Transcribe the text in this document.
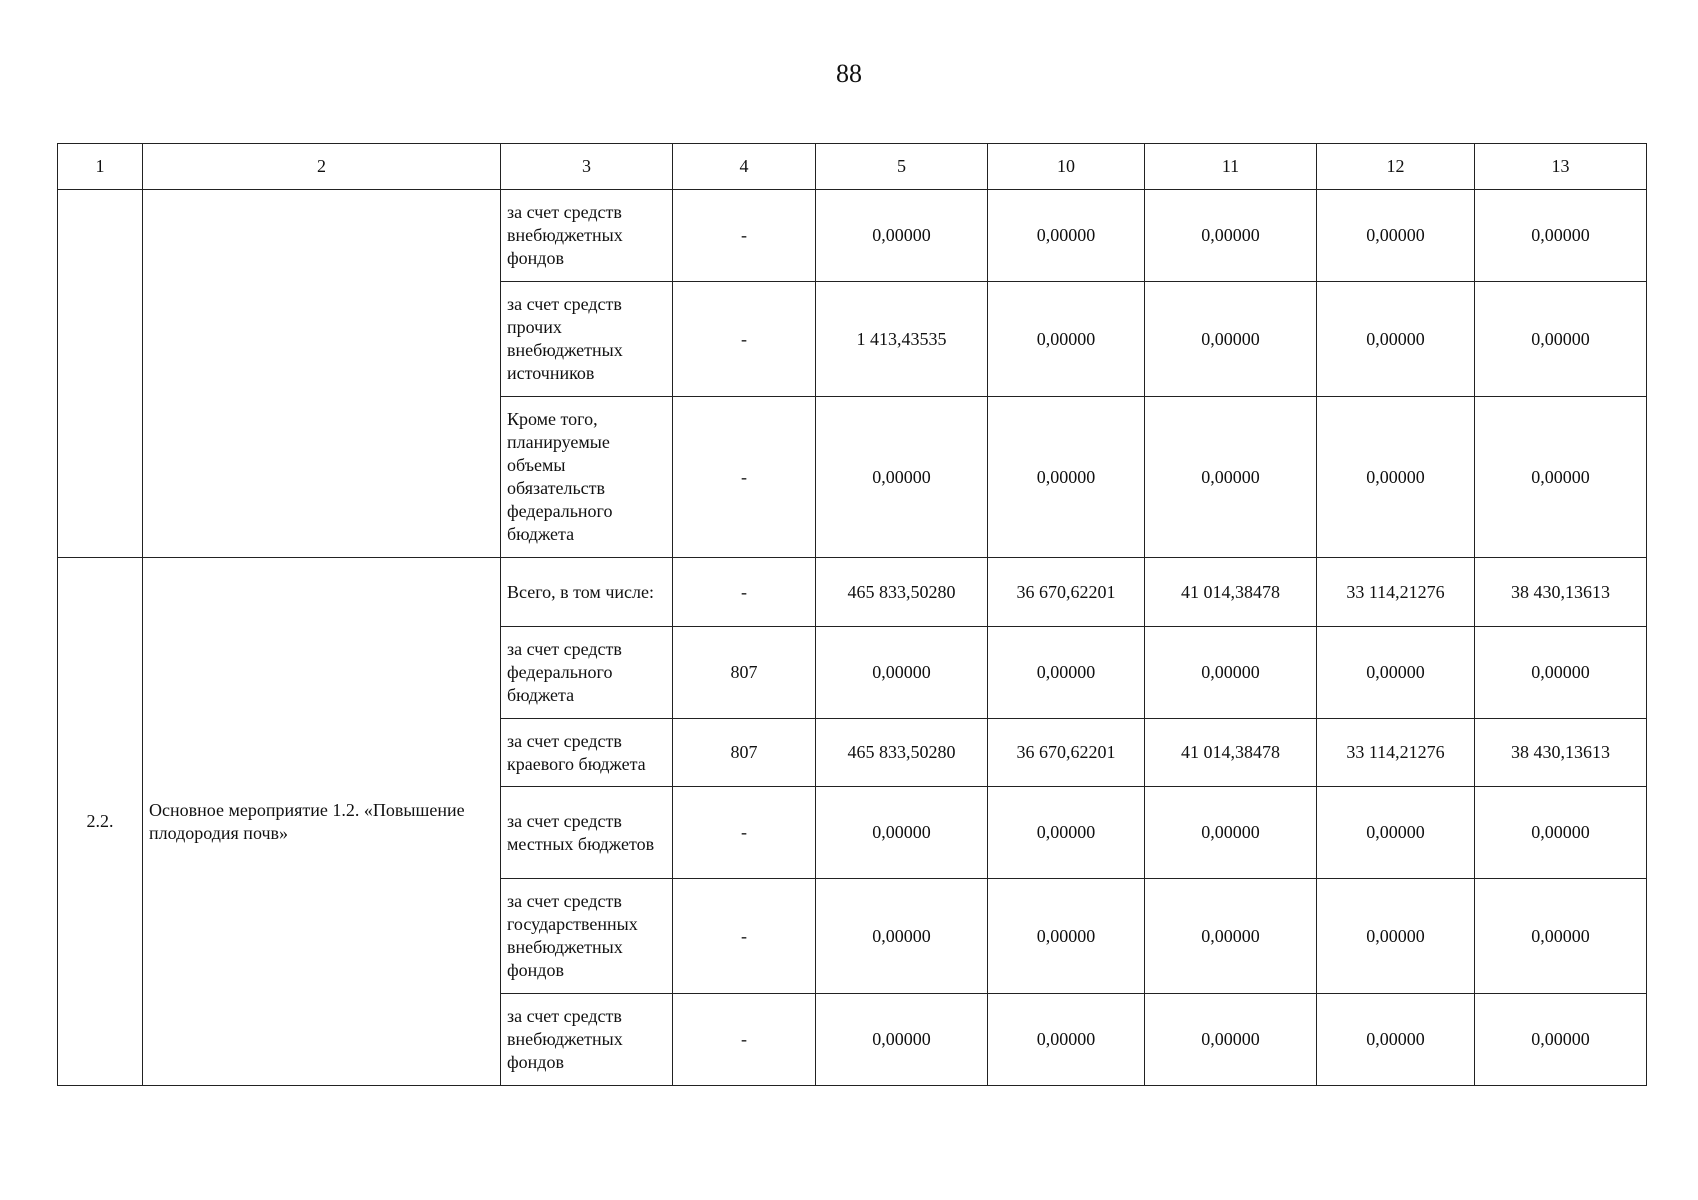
88
1	2	3	4	5	10	11	12	13
		за счет средств внебюджетных фондов	-	0,00000	0,00000	0,00000	0,00000	0,00000
		за счет средств прочих внебюджетных источников	-	1 413,43535	0,00000	0,00000	0,00000	0,00000
		Кроме того, планируемые объемы обязательств федерального бюджета	-	0,00000	0,00000	0,00000	0,00000	0,00000
2.2.	Основное мероприятие 1.2. «Повышение плодородия почв»	Всего, в том числе:	-	465 833,50280	36 670,62201	41 014,38478	33 114,21276	38 430,13613
		за счет средств федерального бюджета	807	0,00000	0,00000	0,00000	0,00000	0,00000
		за счет средств краевого бюджета	807	465 833,50280	36 670,62201	41 014,38478	33 114,21276	38 430,13613
		за счет средств местных бюджетов	-	0,00000	0,00000	0,00000	0,00000	0,00000
		за счет средств государственных внебюджетных фондов	-	0,00000	0,00000	0,00000	0,00000	0,00000
		за счет средств внебюджетных фондов	-	0,00000	0,00000	0,00000	0,00000	0,00000
